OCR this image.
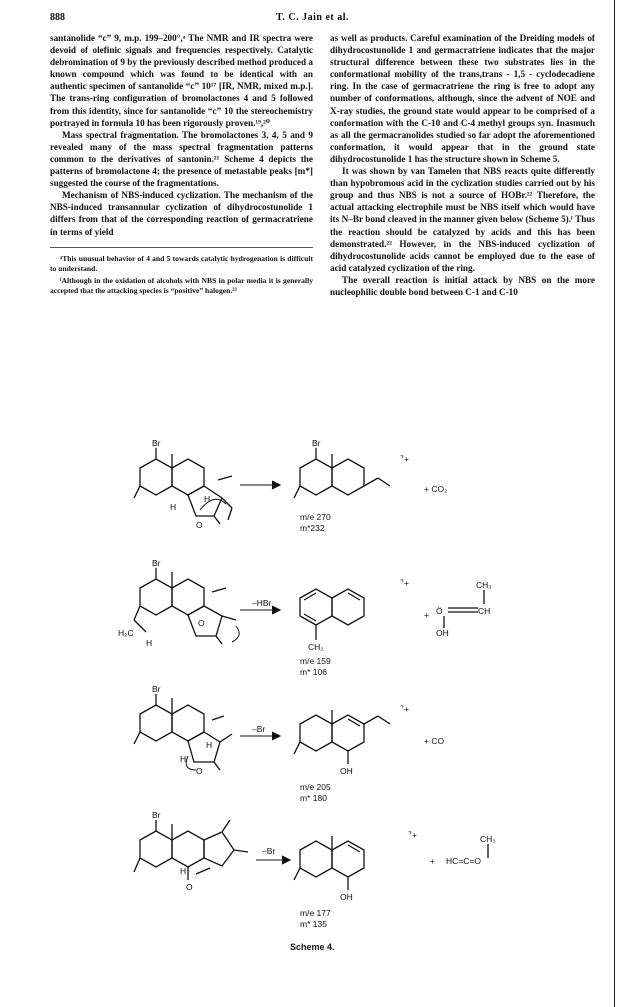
888	T. C. Jain et al.

santanolide “c” 9, m.p. 199–200°,ᵃ The NMR and IR spectra were devoid of olefinic signals and frequencies respectively. Catalytic debromination of 9 by the previously described method produced a known compound which was found to be identical with an authentic specimen of santanolide “c” 10¹⁷ [IR, NMR, mixed m.p.]. The trans-ring configuration of bromolactones 4 and 5 followed from this identity, since for santanolide “c” 10 the stereochemistry portrayed in formula 10 has been rigorously proven.¹⁹,²⁰

Mass spectral fragmentation. The bromolactones 3, 4, 5 and 9 revealed many of the mass spectral fragmentation patterns common to the derivatives of santonin.²¹ Scheme 4 depicts the patterns of bromolactone 4; the presence of metastable peaks [m*] suggested the course of the fragmentations.

Mechanism of NBS-induced cyclization. The mechanism of the NBS-induced transannular cyclization of dihydrocostunolide 1 differs from that of the corresponding reaction of germacratriene in terms of yield

ᵃThis unusual behavior of 4 and 5 towards catalytic hydrogenation is difficult to understand.

ᶠAlthough in the oxidation of alcohols with NBS in polar media it is generally accepted that the attacking species is “positive” halogen.²³

as well as products. Careful examination of the Dreiding models of dihydrocostunolide 1 and germacratriene indicates that the major structural difference between these two substrates lies in the conformational mobility of the trans,trans - 1,5 - cyclodecadiene ring. In the case of germacratriene the ring is free to adopt any number of conformations, although, since the advent of NOE and X-ray studies, the ground state would appear to be comprised of a conformation with the C-10 and C-4 methyl groups syn. Inasmuch as all the germacranolides studied so far adopt the aforementioned conformation, it would appear that in the ground state dihydrocostunolide 1 has the structure shown in Scheme 5.

It was shown by van Tamelen that NBS reacts quite differently than hypobromous acid in the cyclization studies carried out by his group and thus NBS is not a source of HOBr.²² Therefore, the actual attacking electrophile must be NBS itself which would have its N–Br bond cleaved in the manner given below (Scheme 5).ᶠ Thus the reaction should be catalyzed by acids and this has been demonstrated.²² However, in the NBS-induced cyclization of dihydrocostunolide acids cannot be employed due to the ease of acid catalyzed cyclization of the ring.

The overall reaction is initial attack by NBS on the more nucleophilic double bond between C-1 and C-10

Br
H
H
O
Br
⌝+
+ CO₂
m/e 270
m*232
Br
H₂C
H
O
–HBr
CH₂
⌝+
+
CH₃
Ö	CH
OH
m/e 159
m* 106
Br
H
H
O
–Br
OH
⌝+
+ CO
m/e 205
m* 180
Br
H
O
–Br
OH
⌝+
+
CH₃
HC=C=O
m/e 177
m* 135
Scheme 4.
